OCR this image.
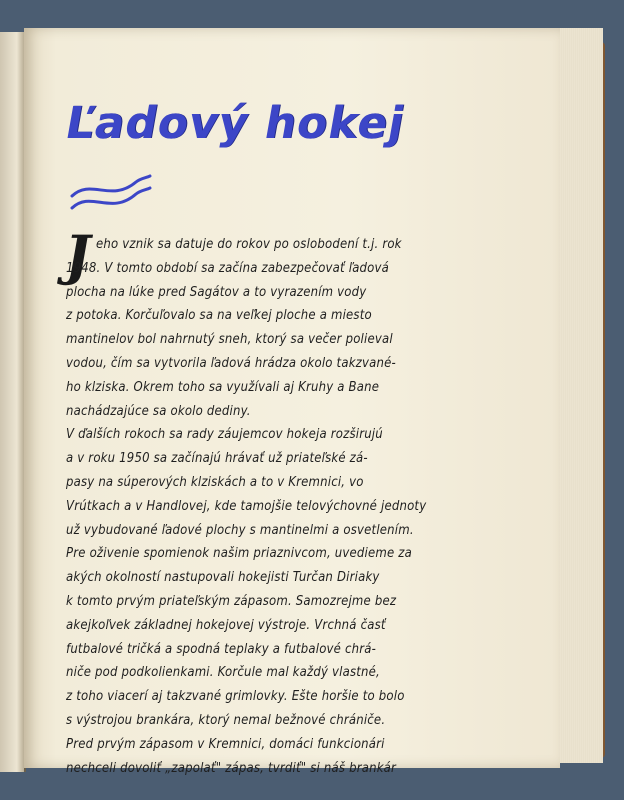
Ľadový hokej
J
eho vznik sa datuje do rokov po oslobodení t.j. rok
1948. V tomto období sa začína zabezpečovať ľadová
plocha na lúke pred Sagátov a to vyrazením vody
z potoka. Korčuľovalo sa na veľkej ploche a miesto
mantinelov bol nahrnutý sneh, ktorý sa večer polieval
vodou, čím sa vytvorila ľadová hrádza okolo takzvané-
ho klziska. Okrem toho sa využívali aj Kruhy a Bane
nachádzajúce sa okolo dediny.
V ďalších rokoch sa rady záujemcov hokeja rozširujú
a v roku 1950 sa začínajú hrávať už priateľské zá-
pasy na súperových klziskách a to v Kremnici, vo
Vrútkach a v Handlovej, kde tamojšie telovýchovné jednoty
už vybudované ľadové plochy s mantinelmi a osvetlením.
Pre oživenie spomienok našim priaznivcom, uvedieme za
akých okolností nastupovali hokejisti Turčan Diriaky
k tomto prvým priateľským zápasom. Samozrejme bez
akejkoľvek základnej hokejovej výstroje. Vrchná časť
futbalové tričká a spodná teplaky a futbalové chrá-
niče pod podkolienkami. Korčule mal každý vlastné,
z toho viacerí aj takzvané grimlovky. Ešte horšie to bolo
s výstrojou brankára, ktorý nemal bežnové chrániče.
Pred prvým zápasom v Kremnici, domáci funkcionári
nechceli dovoliť „zapolať" zápas, tvrdiť" si náš brankár
